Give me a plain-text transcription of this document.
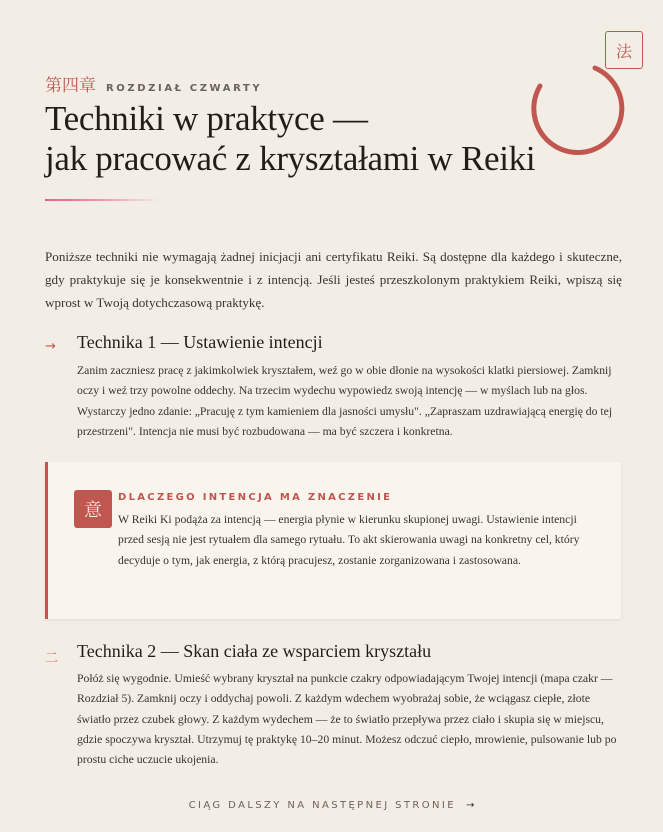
法
第四章 ROZDZIAŁ CZWARTY
Techniki w praktyce —
jak pracować z kryształami w Reiki

Poniższe techniki nie wymagają żadnej inicjacji ani certyfikatu Reiki. Są dostępne dla każdego i skuteczne, gdy praktykuje się je konsekwentnie i z intencją. Jeśli jesteś przeszkolonym praktykiem Reiki, wpiszą się wprost w Twoją dotychczasową praktykę.

→ Technika 1 — Ustawienie intencji

Zanim zaczniesz pracę z jakimkolwiek kryształem, weź go w obie dłonie na wysokości klatki piersiowej. Zamknij oczy i weź trzy powolne oddechy. Na trzecim wydechu wypowiedz swoją intencję — w myślach lub na głos. Wystarczy jedno zdanie: „Pracuję z tym kamieniem dla jasności umysłu". „Zapraszam uzdrawiającą energię do tej przestrzeni". Intencja nie musi być rozbudowana — ma być szczera i konkretna.

意
DLACZEGO INTENCJA MA ZNACZENIE

W Reiki Ki podąża za intencją — energia płynie w kierunku skupionej uwagi. Ustawienie intencji przed sesją nie jest rytuałem dla samego rytuału. To akt skierowania uwagi na konkretny cel, który decyduje o tym, jak energia, z którą pracujesz, zostanie zorganizowana i zastosowana.

二 Technika 2 — Skan ciała ze wsparciem kryształu

Połóż się wygodnie. Umieść wybrany kryształ na punkcie czakry odpowiadającym Twojej intencji (mapa czakr — Rozdział 5). Zamknij oczy i oddychaj powoli. Z każdym wdechem wyobrażaj sobie, że wciągasz ciepłe, złote światło przez czubek głowy. Z każdym wydechem — że to światło przepływa przez ciało i skupia się w miejscu, gdzie spoczywa kryształ. Utrzymuj tę praktykę 10–20 minut. Możesz odczuć ciepło, mrowienie, pulsowanie lub po prostu ciche uczucie ukojenia.

CIĄG DALSZY NA NASTĘPNEJ STRONIE →
